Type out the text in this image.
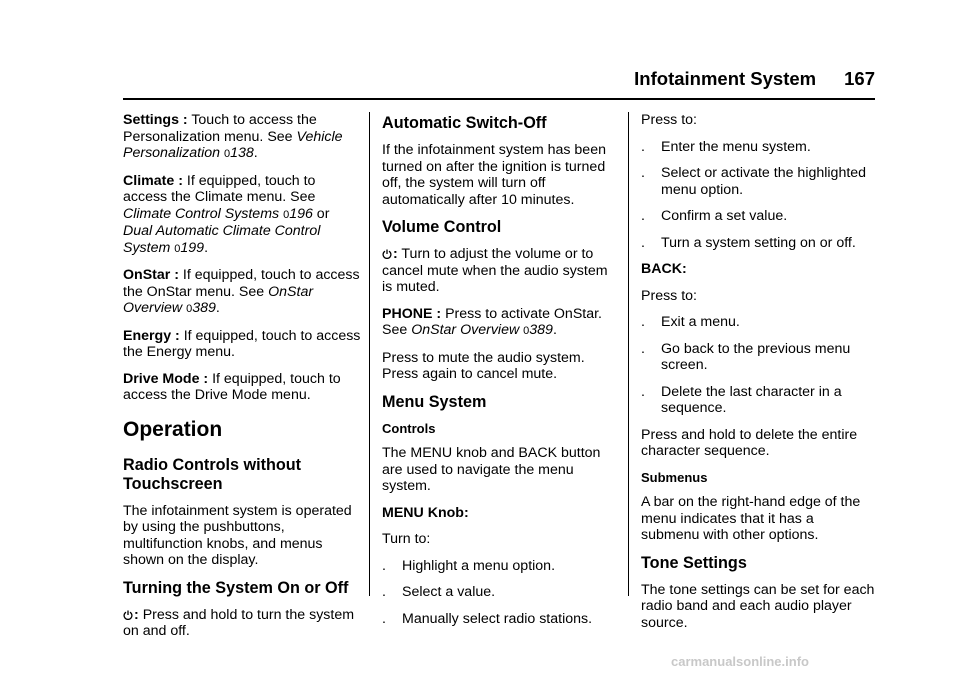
Infotainment System 167

Settings : Touch to access the Personalization menu. See Vehicle Personalization 0138.

Climate : If equipped, touch to access the Climate menu. See Climate Control Systems 0196 or Dual Automatic Climate Control System 0199.

OnStar : If equipped, touch to access the OnStar menu. See OnStar Overview 0389.

Energy : If equipped, touch to access the Energy menu.

Drive Mode : If equipped, touch to access the Drive Mode menu.

Operation
Radio Controls without Touchscreen

The infotainment system is operated by using the pushbuttons, multifunction knobs, and menus shown on the display.

Turning the System On or Off

: Press and hold to turn the system on and off.

Automatic Switch-Off

If the infotainment system has been turned on after the ignition is turned off, the system will turn off automatically after 10 minutes.

Volume Control

: Turn to adjust the volume or to cancel mute when the audio system is muted.

PHONE : Press to activate OnStar. See OnStar Overview 0389.

Press to mute the audio system. Press again to cancel mute.

Menu System
Controls

The MENU knob and BACK button are used to navigate the menu system.

MENU Knob:

Turn to:

.	Highlight a menu option.
.	Select a value.
.	Manually select radio stations.

Press to:

.	Enter the menu system.
.	Select or activate the highlighted menu option.
.	Confirm a set value.
.	Turn a system setting on or off.

BACK:

Press to:

.	Exit a menu.
.	Go back to the previous menu screen.
.	Delete the last character in a sequence.

Press and hold to delete the entire character sequence.

Submenus

A bar on the right-hand edge of the menu indicates that it has a submenu with other options.

Tone Settings

The tone settings can be set for each radio band and each audio player source.

carmanualsonline.info
